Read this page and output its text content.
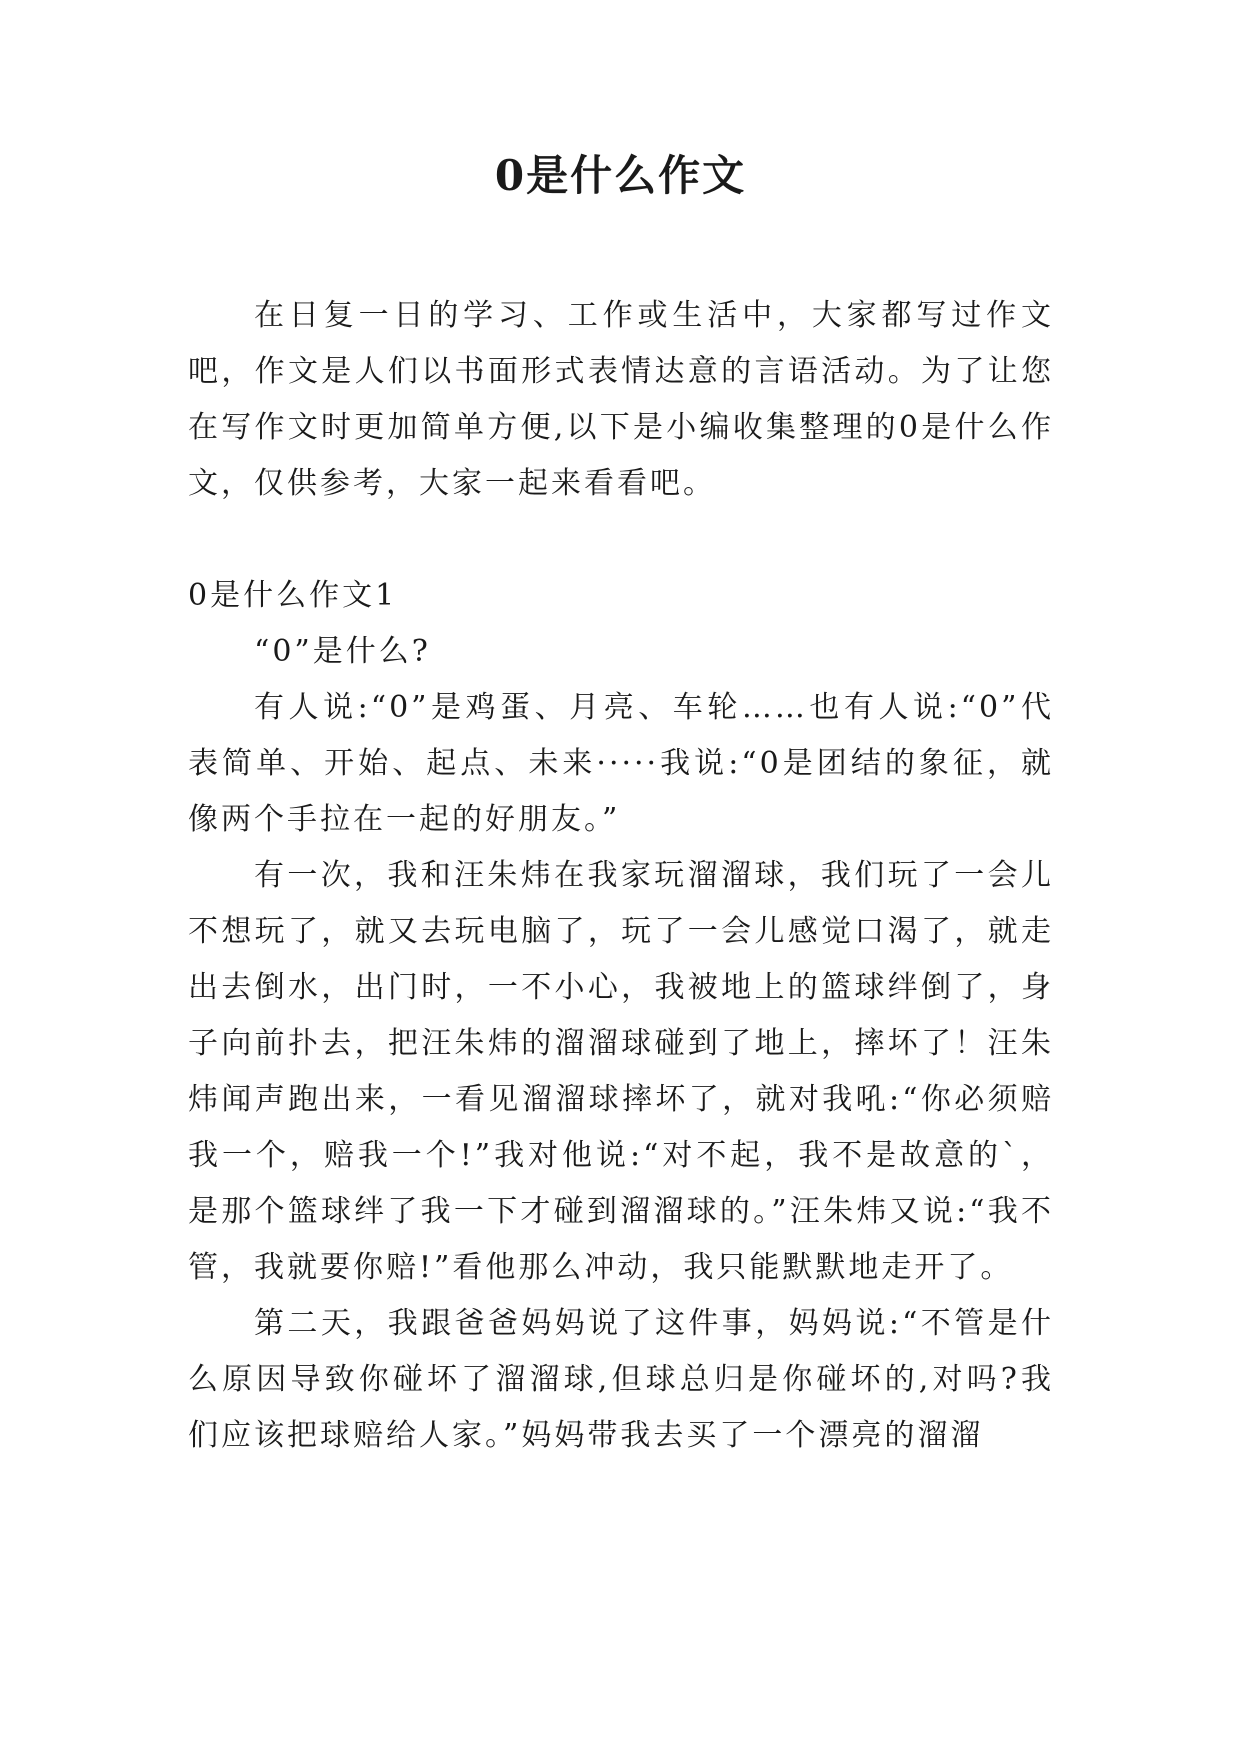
0是什么作文

在日复一日的学习、工作或生活中，大家都写过作文吧，作文是人们以书面形式表情达意的言语活动。为了让您在写作文时更加简单方便,以下是小编收集整理的0是什么作文，仅供参考，大家一起来看看吧。

0是什么作文1

“0”是什么?

有人说:“0”是鸡蛋、月亮、车轮……也有人说:“0”代表简单、开始、起点、未来·····我说:“0是团结的象征，就像两个手拉在一起的好朋友。”

有一次，我和汪朱炜在我家玩溜溜球，我们玩了一会儿不想玩了，就又去玩电脑了，玩了一会儿感觉口渴了，就走出去倒水，出门时，一不小心，我被地上的篮球绊倒了，身子向前扑去，把汪朱炜的溜溜球碰到了地上，摔坏了！汪朱炜闻声跑出来，一看见溜溜球摔坏了，就对我吼:“你必须赔我一个，赔我一个!”我对他说:“对不起，我不是故意的`，是那个篮球绊了我一下才碰到溜溜球的。”汪朱炜又说:“我不管，我就要你赔!”看他那么冲动，我只能默默地走开了。

第二天，我跟爸爸妈妈说了这件事，妈妈说:“不管是什么原因导致你碰坏了溜溜球,但球总归是你碰坏的,对吗?我们应该把球赔给人家。”妈妈带我去买了一个漂亮的溜溜
